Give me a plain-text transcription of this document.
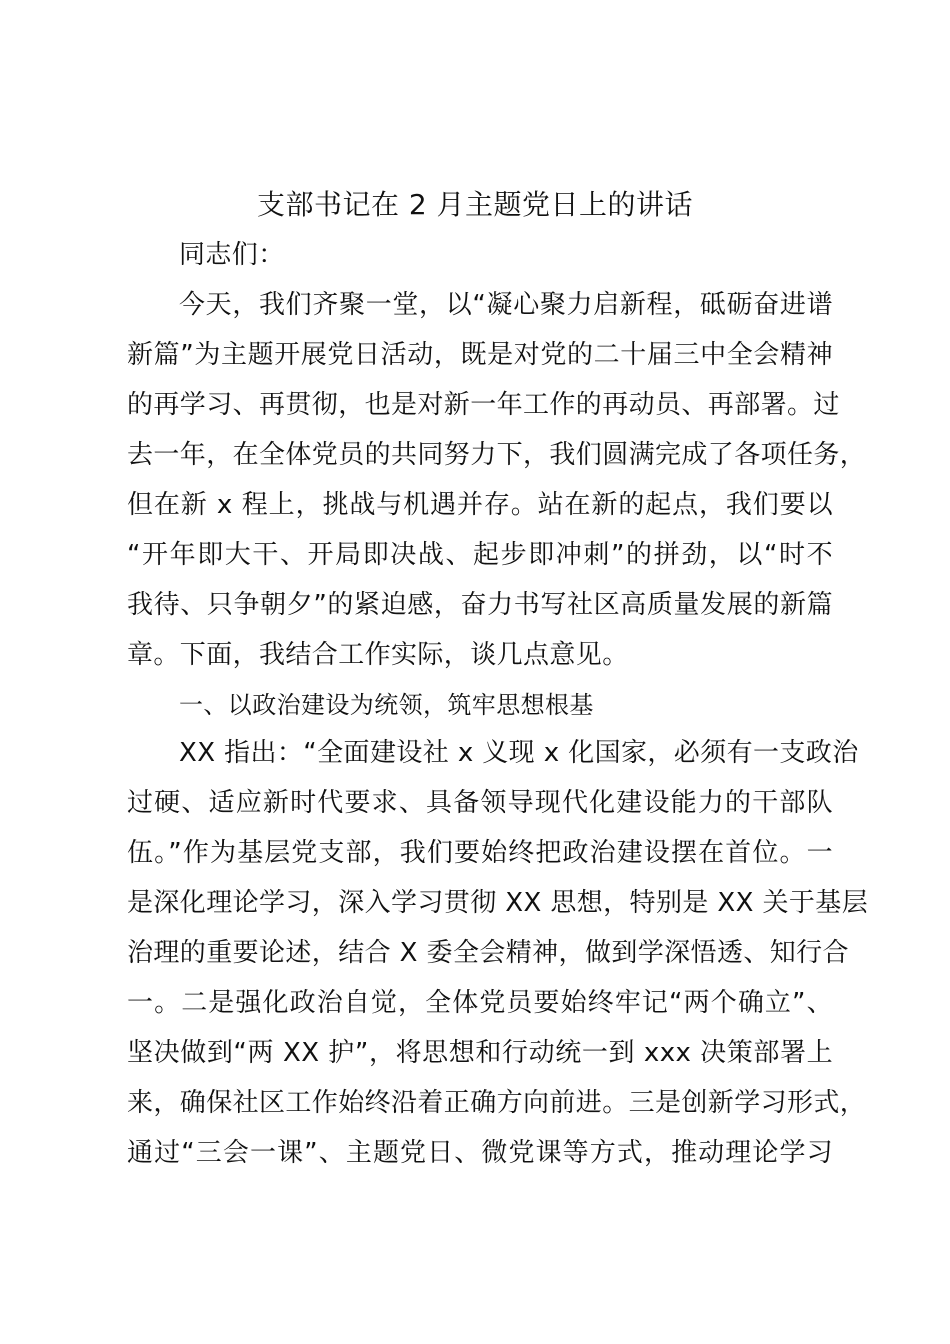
支部书记在 2 月主题党日上的讲话
同志们：
今天，我们齐聚一堂，以“凝心聚力启新程，砥砺奋进谱
新篇”为主题开展党日活动，既是对党的二十届三中全会精神
的再学习、再贯彻，也是对新一年工作的再动员、再部署。过
去一年，在全体党员的共同努力下，我们圆满完成了各项任务，
但在新 x 程上，挑战与机遇并存。站在新的起点，我们要以
“开年即大干、开局即决战、起步即冲刺”的拼劲，以“时不
我待、只争朝夕”的紧迫感，奋力书写社区高质量发展的新篇
章。下面，我结合工作实际，谈几点意见。
一、以政治建设为统领，筑牢思想根基
XX 指出：“全面建设社 x 义现 x 化国家，必须有一支政治
过硬、适应新时代要求、具备领导现代化建设能力的干部队
伍。”作为基层党支部，我们要始终把政治建设摆在首位。一
是深化理论学习，深入学习贯彻 XX 思想，特别是 XX 关于基层
治理的重要论述，结合 X 委全会精神，做到学深悟透、知行合
一。二是强化政治自觉，全体党员要始终牢记“两个确立”、
坚决做到“两 XX 护”，将思想和行动统一到 xxx 决策部署上
来，确保社区工作始终沿着正确方向前进。三是创新学习形式，
通过“三会一课”、主题党日、微党课等方式，推动理论学习
